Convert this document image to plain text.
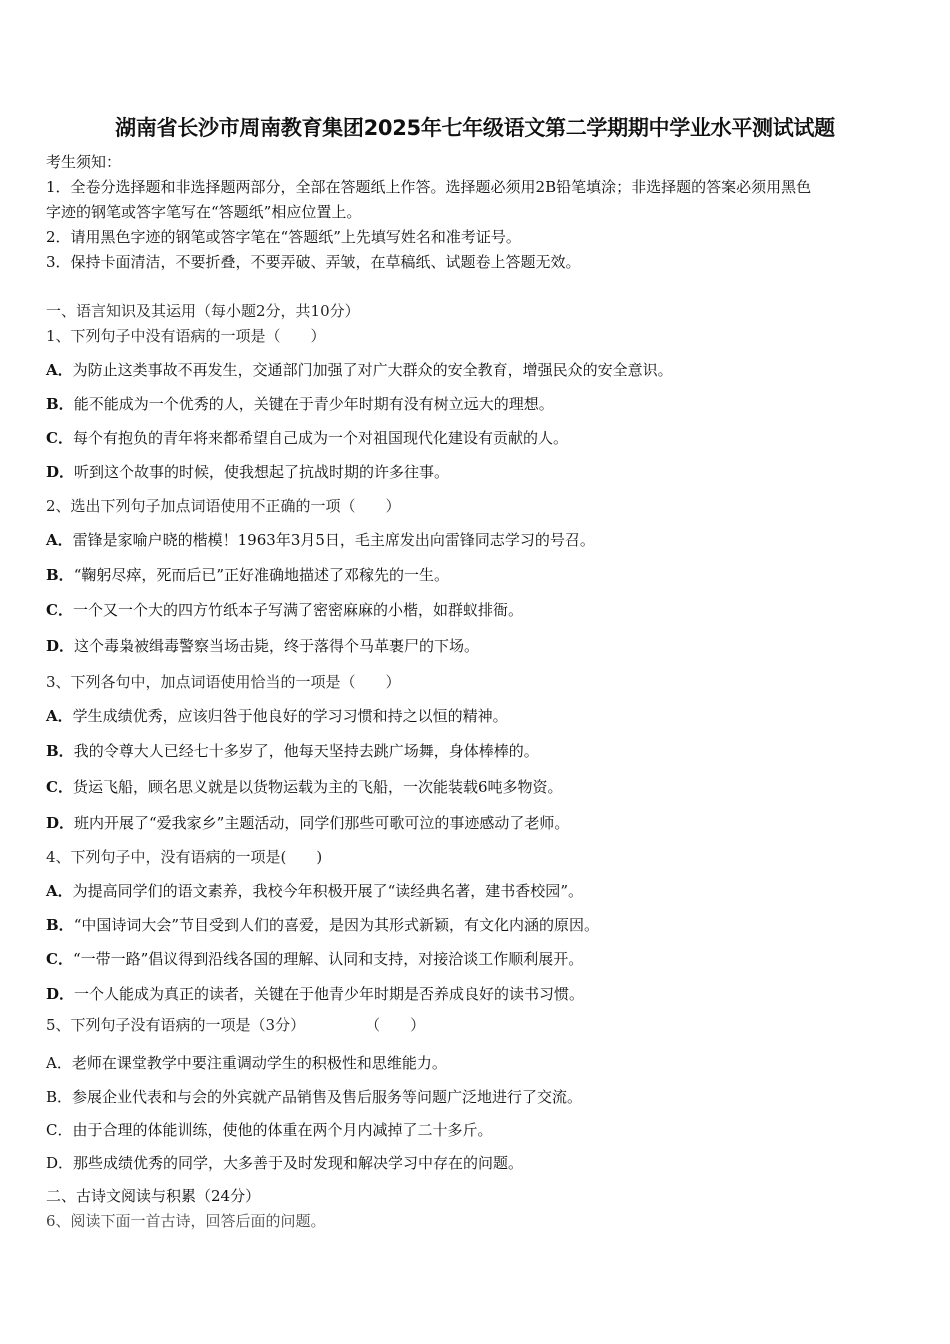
湖南省长沙市周南教育集团2025年七年级语文第二学期期中学业水平测试试题
考生须知：
1．全卷分选择题和非选择题两部分，全部在答题纸上作答。选择题必须用2B铅笔填涂；非选择题的答案必须用黑色
字迹的钢笔或答字笔写在“答题纸”相应位置上。
2．请用黑色字迹的钢笔或答字笔在“答题纸”上先填写姓名和准考证号。
3．保持卡面清洁，不要折叠，不要弄破、弄皱，在草稿纸、试题卷上答题无效。
一、语言知识及其运用（每小题2分，共10分）
1、下列句子中没有语病的一项是（　　）
A．为防止这类事故不再发生，交通部门加强了对广大群众的安全教育，增强民众的安全意识。
B．能不能成为一个优秀的人，关键在于青少年时期有没有树立远大的理想。
C．每个有抱负的青年将来都希望自己成为一个对祖国现代化建设有贡献的人。
D．听到这个故事的时候，使我想起了抗战时期的许多往事。
2、选出下列句子加点词语使用不正确的一项（　　）
A．雷锋是家喻户晓的楷模！1963年3月5日，毛主席发出向雷锋同志学习的号召。
B．“鞠躬尽瘁，死而后已”正好准确地描述了邓稼先的一生。
C．一个又一个大的四方竹纸本子写满了密密麻麻的小楷，如群蚁排衙。
D．这个毒枭被缉毒警察当场击毙，终于落得个马革裹尸的下场。
3、下列各句中，加点词语使用恰当的一项是（　　）
A．学生成绩优秀，应该归咎于他良好的学习习惯和持之以恒的精神。
B．我的令尊大人已经七十多岁了，他每天坚持去跳广场舞，身体棒棒的。
C．货运飞船，顾名思义就是以货物运载为主的飞船，一次能装载6吨多物资。
D．班内开展了“爱我家乡”主题活动，同学们那些可歌可泣的事迹感动了老师。
4、下列句子中，没有语病的一项是(　　)
A．为提高同学们的语文素养，我校今年积极开展了“读经典名著，建书香校园”。
B．“中国诗词大会”节目受到人们的喜爱，是因为其形式新颖，有文化内涵的原因。
C．“一带一路”倡议得到沿线各国的理解、认同和支持，对接洽谈工作顺利展开。
D．一个人能成为真正的读者，关键在于他青少年时期是否养成良好的读书习惯。
5、下列句子没有语病的一项是（3分）　　　　　（　　）
A．老师在课堂教学中要注重调动学生的积极性和思维能力。
B．参展企业代表和与会的外宾就产品销售及售后服务等问题广泛地进行了交流。
C．由于合理的体能训练，使他的体重在两个月内减掉了二十多斤。
D．那些成绩优秀的同学，大多善于及时发现和解决学习中存在的问题。
二、古诗文阅读与积累（24分）
6、阅读下面一首古诗，回答后面的问题。
